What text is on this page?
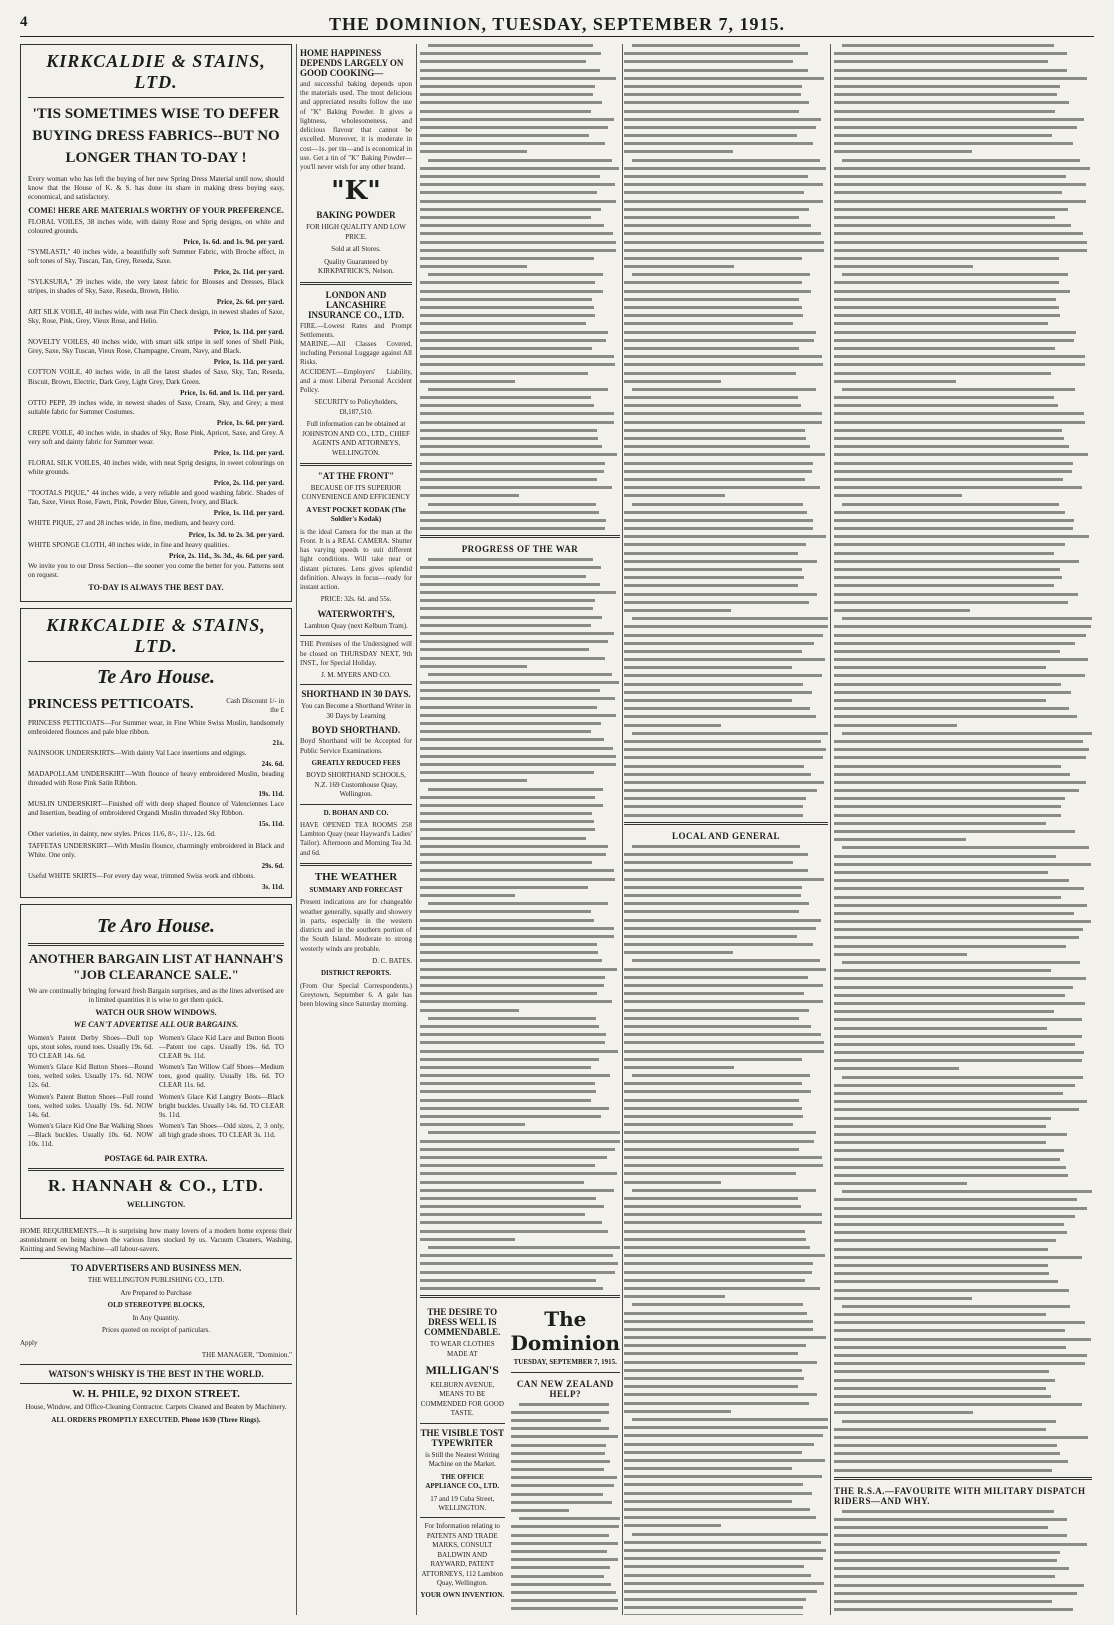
4	THE DOMINION, TUESDAY, SEPTEMBER 7, 1915.
KIRKCALDIE & STAINS, LTD.
'TIS SOMETIMES WISE TO DEFER BUYING DRESS FABRICS--BUT NO LONGER THAN TO-DAY !
Every woman who has left the buying of her new Spring Dress Material until now, should know that the House of K. & S. has done its share in making dress buying easy, economical, and satisfactory.
COME! HERE ARE MATERIALS WORTHY OF YOUR PREFERENCE.
FLORAL VOILES, 38 inches wide, with dainty Rose and Sprig designs, on white and coloured grounds.
Price, 1s. 6d. and 1s. 9d. per yard.
"SYMLASTI," 40 inches wide, a beautifully soft Summer Fabric, with Broche effect, in soft tones of Sky, Tuscan, Tan, Grey, Reseda, Saxe.
Price, 2s. 11d. per yard.
"SYLKSURA," 39 inches wide, the very latest fabric for Blouses and Dresses, Black stripes, in shades of Sky, Saxe, Reseda, Brown, Helio.
Price, 2s. 6d. per yard.
ART SILK VOILE, 40 inches wide, with neat Pin Check design, in newest shades of Saxe, Sky, Rose, Pink, Grey, Vieux Rose, and Helio.
Price, 1s. 11d. per yard.
NOVELTY VOILES, 40 inches wide, with smart silk stripe in self tones of Shell Pink, Grey, Saxe, Sky Tuscan, Vieux Rose, Champagne, Cream, Navy, and Black.
Price, 1s. 11d. per yard.
COTTON VOILE, 40 inches wide, in all the latest shades of Saxe, Sky, Tan, Reseda, Biscuit, Brown, Electric, Dark Grey, Light Grey, Dark Green.
Price, 1s. 6d. and 1s. 11d. per yard.
OTTO PEPP, 39 inches wide, in newest shades of Saxe, Cream, Sky, and Grey; a most suitable fabric for Summer Costumes.
Price, 1s. 6d. per yard.
CREPE VOILE, 40 inches wide, in shades of Sky, Rose Pink, Apricot, Saxe, and Grey. A very soft and dainty fabric for Summer wear.
Price, 1s. 11d. per yard.
FLORAL SILK VOILES, 40 inches wide, with neat Sprig designs, in sweet colourings on white grounds.
Price, 2s. 11d. per yard.
"TOOTALS PIQUE," 44 inches wide, a very reliable and good washing fabric. Shades of Tan, Saxe, Vieux Rose, Fawn, Pink, Powder Blue, Green, Ivory, and Black.
Price, 1s. 11d. per yard.
WHITE PIQUE, 27 and 28 inches wide, in fine, medium, and heavy cord.
Price, 1s. 3d. to 2s. 3d. per yard.
WHITE SPONGE CLOTH, 40 inches wide, in fine and heavy qualities.
Price, 2s. 11d., 3s. 3d., 4s. 6d. per yard.
We invite you to our Dress Section—the sooner you come the better for you. Patterns sent on request.
TO-DAY IS ALWAYS THE BEST DAY.
KIRKCALDIE & STAINS, LTD.
Te Aro House.
PRINCESS PETTICOATS.	Cash Discount 1/- in the £
PRINCESS PETTICOATS—For Summer wear, in Fine White Swiss Muslin, handsomely embroidered flounces and pale blue ribbon.
21s.
NAINSOOK UNDERSKIRTS—With dainty Val Lace insertions and edgings.
24s. 6d.
MADAPOLLAM UNDERSKIRT—With flounce of heavy embroidered Muslin, beading threaded with Rose Pink Satin Ribbon.
19s. 11d.
MUSLIN UNDERSKIRT—Finished off with deep shaped flounce of Valenciennes Lace and Insertion, beading of embroidered Organdi Muslin threaded Sky Ribbon.
15s. 11d.
Other varieties, in dainty, new styles. Prices 11/6, 8/-, 11/-, 12s. 6d.
TAFFETAS UNDERSKIRT—With Muslin flounce, charmingly embroidered in Black and White. One only.
29s. 6d.
Useful WHITE SKIRTS—For every day wear, trimmed Swiss work and ribbons.
3s. 11d.
Te Aro House.
ANOTHER BARGAIN LIST AT HANNAH'S "JOB CLEARANCE SALE."
We are continually bringing forward fresh Bargain surprises, and as the lines advertised are in limited quantities it is wise to get them quick.
WATCH OUR SHOW WINDOWS.
WE CAN'T ADVERTISE ALL OUR BARGAINS.
Women's Patent Derby Shoes—Dull top ups, stout soles, round toes. Usually 19s. 6d. TO CLEAR 14s. 6d.
Women's Glace Kid Button Shoes—Round toes, welted soles. Usually 17s. 6d. NOW 12s. 6d.
Women's Patent Button Shoes—Full round toes, welted soles. Usually 19s. 6d. NOW 14s. 6d.
Women's Glace Kid One Bar Walking Shoes—Black buckles. Usually 10s. 6d. NOW 10s. 11d.
Women's Glace Kid Lace and Button Boots—Patent toe caps. Usually 19s. 6d. TO CLEAR 9s. 11d.
Women's Tan Willow Calf Shoes—Medium toes, good quality. Usually 18s. 6d. TO CLEAR 11s. 6d.
Women's Glace Kid Langtry Boots—Black bright buckles. Usually 14s. 6d. TO CLEAR 9s. 11d.
Women's Tan Shoes—Odd sizes, 2, 3 only, all high grade shoes. TO CLEAR 3s. 11d.
POSTAGE 6d. PAIR EXTRA.
R. HANNAH & CO., LTD.
WELLINGTON.
HOME REQUIREMENTS.—It is surprising how many lovers of a modern home express their astonishment on being shown the various lines stocked by us. Vacuum Cleaners, Washing, Knitting and Sewing Machine—all labour-savers.
TO ADVERTISERS AND BUSINESS MEN.
THE WELLINGTON PUBLISHING CO., LTD.
Are Prepared to Purchase
OLD STEREOTYPE BLOCKS,
In Any Quantity.
Prices quoted on receipt of particulars.
Apply
THE MANAGER, "Dominion."
WATSON'S WHISKY IS THE BEST IN THE WORLD.
W. H. PHILE, 92 DIXON STREET.
House, Window, and Office-Cleaning Contractor. Carpets Cleaned and Beaten by Machinery.
ALL ORDERS PROMPTLY EXECUTED. Phone 1630 (Three Rings).
HOME HAPPINESS DEPENDS LARGELY ON GOOD COOKING—
and successful baking depends upon the materials used. The most delicious and appreciated results follow the use of "K" Baking Powder. It gives a lightness, wholesomeness, and delicious flavour that cannot be excelled. Moreover, it is moderate in cost—1s. per tin—and is economical in use. Get a tin of "K" Baking Powder—you'll never wish for any other brand.
"K"
BAKING POWDER
FOR HIGH QUALITY AND LOW PRICE.
Sold at all Stores.
Quality Guaranteed by KIRKPATRICK'S, Nelson.
LONDON AND LANCASHIRE INSURANCE CO., LTD.
FIRE.—Lowest Rates and Prompt Settlements.
MARINE.—All Classes Covered, including Personal Luggage against All Risks.
ACCIDENT.—Employers' Liability, and a most Liberal Personal Accident Policy.
SECURITY to Policyholders, £8,187,510.
Full information can be obtained at JOHNSTON AND CO., LTD., CHIEF AGENTS AND ATTORNEYS, WELLINGTON.
"AT THE FRONT"
BECAUSE OF ITS SUPERIOR CONVENIENCE AND EFFICIENCY
A VEST POCKET KODAK (The Soldier's Kodak)
is the ideal Camera for the man at the Front. It is a REAL CAMERA. Shutter has varying speeds to suit different light conditions. Will take near or distant pictures. Lens gives splendid definition. Always in focus—ready for instant action.
PRICE: 32s. 6d. and 55s.
WATERWORTH'S,
Lambton Quay (next Kelburn Tram).
THE Premises of the Undersigned will be closed on THURSDAY NEXT, 9th INST., for Special Holiday.
J. M. MYERS AND CO.
SHORTHAND IN 30 DAYS.
You can Become a Shorthand Writer in 30 Days by Learning
BOYD SHORTHAND.
Boyd Shorthand will be Accepted for Public Service Examinations.
GREATLY REDUCED FEES
BOYD SHORTHAND SCHOOLS, N.Z. 169 Customhouse Quay, Wellington.
D. BOHAN AND CO.
HAVE OPENED TEA ROOMS 258 Lambton Quay (near Hayward's Ladies' Tailor). Afternoon and Morning Tea 3d. and 6d.
THE WEATHER
SUMMARY AND FORECAST
Present indications are for changeable weather generally, squally and showery in parts, especially in the western districts and in the southern portion of the South Island. Moderate to strong westerly winds are probable.
D. C. BATES.
DISTRICT REPORTS.
(From Our Special Correspondents.) Greytown, September 6. A gale has been blowing since Saturday morning.
PROGRESS OF THE WAR
THE DESIRE TO DRESS WELL IS COMMENDABLE.
TO WEAR CLOTHES MADE AT
MILLIGAN'S
KELBURN AVENUE, MEANS TO BE COMMENDED FOR GOOD TASTE.
THE VISIBLE TOST TYPEWRITER
is Still the Neatest Writing Machine on the Market.
THE OFFICE APPLIANCE CO., LTD.
17 and 19 Cuba Street, WELLINGTON.
For Information relating to PATENTS AND TRADE MARKS, CONSULT BALDWIN AND RAYWARD, PATENT ATTORNEYS, 112 Lambton Quay, Wellington.
YOUR OWN INVENTION.
The Dominion
TUESDAY, SEPTEMBER 7, 1915.
CAN NEW ZEALAND HELP?
LOCAL AND GENERAL
THE R.S.A.—FAVOURITE WITH MILITARY DISPATCH RIDERS—AND WHY.
